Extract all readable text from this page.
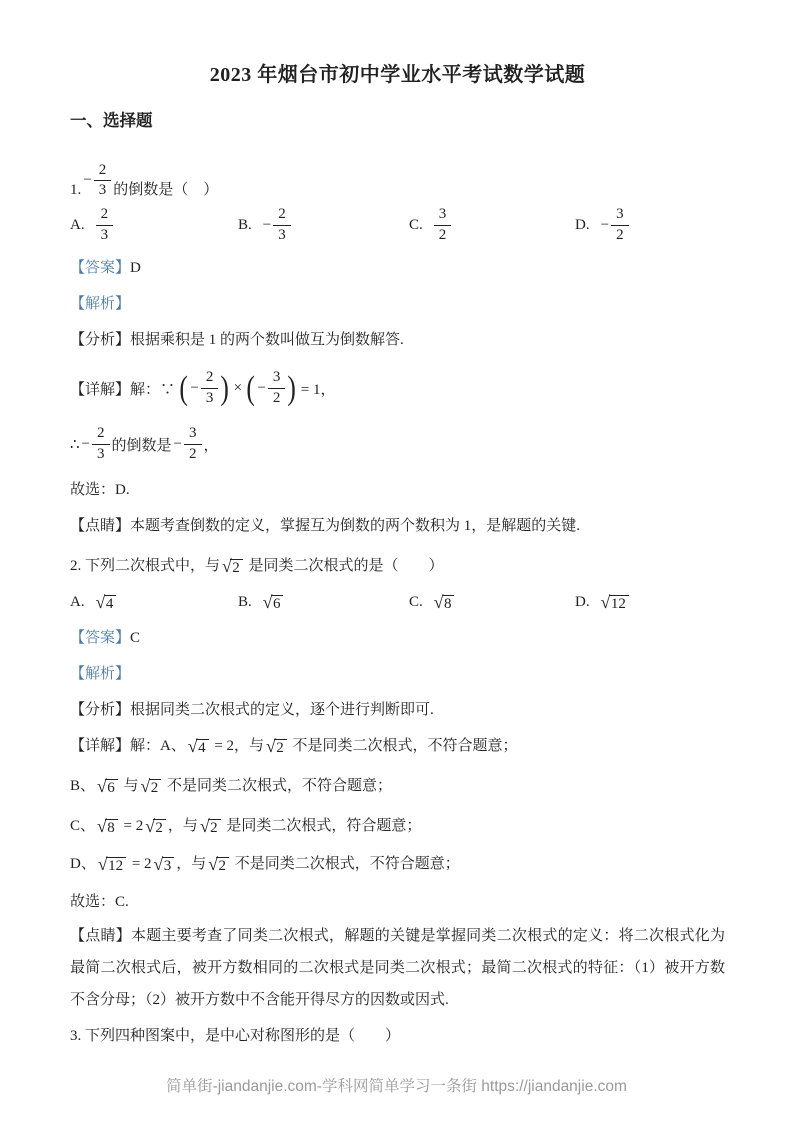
2023 年烟台市初中学业水平考试数学试题
一、选择题
1.
− $\frac{2}{3}$ 的倒数是（　）
A. $\frac{2}{3}$	B. − $\frac{2}{3}$	C. $\frac{3}{2}$	D. − $\frac{3}{2}$
【答案】D
【解析】
【分析】根据乘积是 1 的两个数叫做互为倒数解答.
【详解】 解：∵ ( − $\frac{2}{3}$ ) × ( − $\frac{3}{2}$ ) = 1，
∴ − $\frac{2}{3}$ 的倒数是 − $\frac{3}{2}$ ，
故选：D.
【点睛】本题考查倒数的定义，掌握互为倒数的两个数积为 1，是解题的关键.
2. 下列二次根式中，与 √ 2 是同类二次根式的是（　　）
A. √ 4	B. √ 6	C. √ 8	D. √ 12
【答案】C
【解析】
【分析】根据同类二次根式的定义，逐个进行判断即可.
【详解】解：A、 √ 4 = 2，与 √ 2 不是同类二次根式，不符合题意；
B、 √ 6 与 √ 2 不是同类二次根式，不符合题意；
C、 √ 8 = 2 √ 2 ，与 √ 2 是同类二次根式，符合题意；
D、 √ 12 = 2 √ 3 ，与 √ 2 不是同类二次根式，不符合题意；
故选：C.
【点睛】本题主要考查了同类二次根式，解题的关键是掌握同类二次根式的定义：将二次根式化为最简二次根式后，被开方数相同的二次根式是同类二次根式；最简二次根式的特征：（1）被开方数不含分母；（2）被开方数中不含能开得尽方的因数或因式.
3. 下列四种图案中，是中心对称图形的是（　　）
简单街-jiandanjie.com-学科网简单学习一条街 https://jiandanjie.com
